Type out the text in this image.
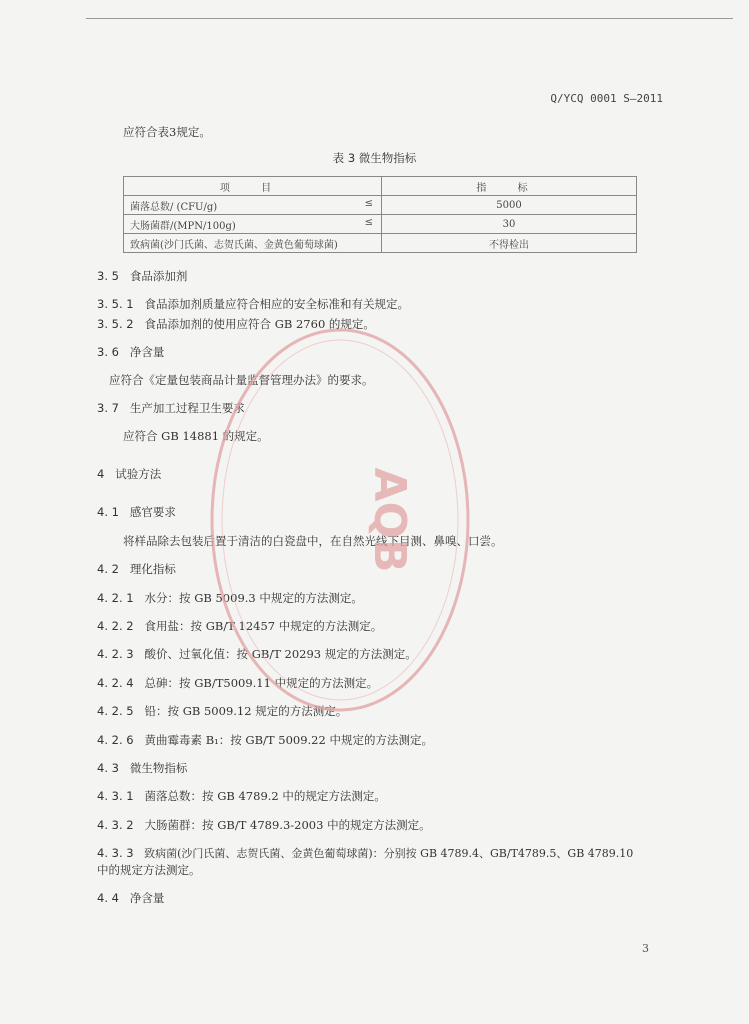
Q/YCQ 0001 S—2011
应符合表3规定。
表 3 微生物指标
项 目	指 标
菌落总数/ (CFU/g) ≤	5000
大肠菌群/(MPN/100g) ≤	30
致病菌(沙门氏菌、志贺氏菌、金黄色葡萄球菌)	不得检出
3. 5 食品添加剂
3. 5. 1 食品添加剂质量应符合相应的安全标准和有关规定。
3. 5. 2 食品添加剂的使用应符合 GB 2760 的规定。
3. 6 净含量
应符合《定量包装商品计量监督管理办法》的要求。
3. 7 生产加工过程卫生要求
应符合 GB 14881 的规定。
4 试验方法
4. 1 感官要求
将样品除去包装后置于清洁的白瓷盘中，在自然光线下目测、鼻嗅、口尝。
4. 2 理化指标
4. 2. 1 水分：按 GB 5009.3 中规定的方法测定。
4. 2. 2 食用盐：按 GB/T 12457 中规定的方法测定。
4. 2. 3 酸价、过氧化值：按 GB/T 20293 规定的方法测定。
4. 2. 4 总砷：按 GB/T5009.11 中规定的方法测定。
4. 2. 5 铅：按 GB 5009.12 规定的方法测定。
4. 2. 6 黄曲霉毒素 B₁：按 GB/T 5009.22 中规定的方法测定。
4. 3 微生物指标
4. 3. 1 菌落总数：按 GB 4789.2 中的规定方法测定。
4. 3. 2 大肠菌群：按 GB/T 4789.3-2003 中的规定方法测定。
4. 3. 3 致病菌(沙门氏菌、志贺氏菌、金黄色葡萄球菌)：分别按 GB 4789.4、GB/T4789.5、GB 4789.10
中的规定方法测定。
4. 4 净含量
3
AQB
